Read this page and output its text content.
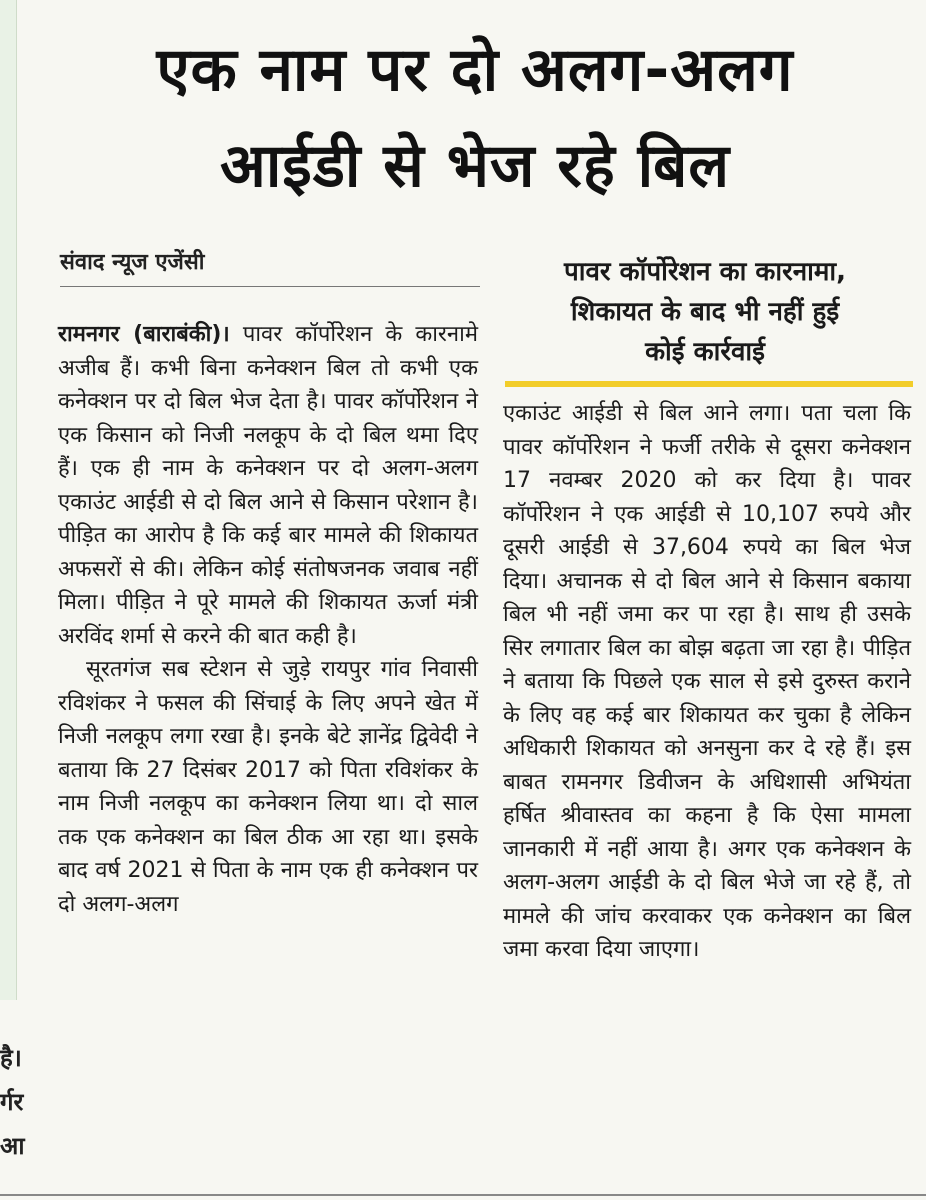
है।
र्गर
आ
एक नाम पर दो अलग-अलग
आईडी से भेज रहे बिल
संवाद न्यूज एजेंसी	पावर कॉर्पोरेशन का कारनामा,
शिकायत के बाद भी नहीं हुई
कोई कार्रवाई

रामनगर (बाराबंकी)। पावर कॉर्पोरेशन के कारनामे अजीब हैं। कभी बिना कनेक्शन बिल तो कभी एक कनेक्शन पर दो बिल भेज देता है। पावर कॉर्पोरेशन ने एक किसान को निजी नलकूप के दो बिल थमा दिए हैं। एक ही नाम के कनेक्शन पर दो अलग-अलग एकाउंट आईडी से दो बिल आने से किसान परेशान है। पीड़ित का आरोप है कि कई बार मामले की शिकायत अफसरों से की। लेकिन कोई संतोषजनक जवाब नहीं मिला। पीड़ित ने पूरे मामले की शिकायत ऊर्जा मंत्री अरविंद शर्मा से करने की बात कही है।

सूरतगंज सब स्टेशन से जुड़े रायपुर गांव निवासी रविशंकर ने फसल की सिंचाई के लिए अपने खेत में निजी नलकूप लगा रखा है। इनके बेटे ज्ञानेंद्र द्विवेदी ने बताया कि 27 दिसंबर 2017 को पिता रविशंकर के नाम निजी नलकूप का कनेक्शन लिया था। दो साल तक एक कनेक्शन का बिल ठीक आ रहा था। इसके बाद वर्ष 2021 से पिता के नाम एक ही कनेक्शन पर दो अलग-अलग

एकाउंट आईडी से बिल आने लगा। पता चला कि पावर कॉर्पोरेशन ने फर्जी तरीके से दूसरा कनेक्शन 17 नवम्बर 2020 को कर दिया है। पावर कॉर्पोरेशन ने एक आईडी से 10,107 रुपये और दूसरी आईडी से 37,604 रुपये का बिल भेज दिया। अचानक से दो बिल आने से किसान बकाया बिल भी नहीं जमा कर पा रहा है। साथ ही उसके सिर लगातार बिल का बोझ बढ़ता जा रहा है। पीड़ित ने बताया कि पिछले एक साल से इसे दुरुस्त कराने के लिए वह कई बार शिकायत कर चुका है लेकिन अधिकारी शिकायत को अनसुना कर दे रहे हैं। इस बाबत रामनगर डिवीजन के अधिशासी अभियंता हर्षित श्रीवास्तव का कहना है कि ऐसा मामला जानकारी में नहीं आया है। अगर एक कनेक्शन के अलग-अलग आईडी के दो बिल भेजे जा रहे हैं, तो मामले की जांच करवाकर एक कनेक्शन का बिल जमा करवा दिया जाएगा।
